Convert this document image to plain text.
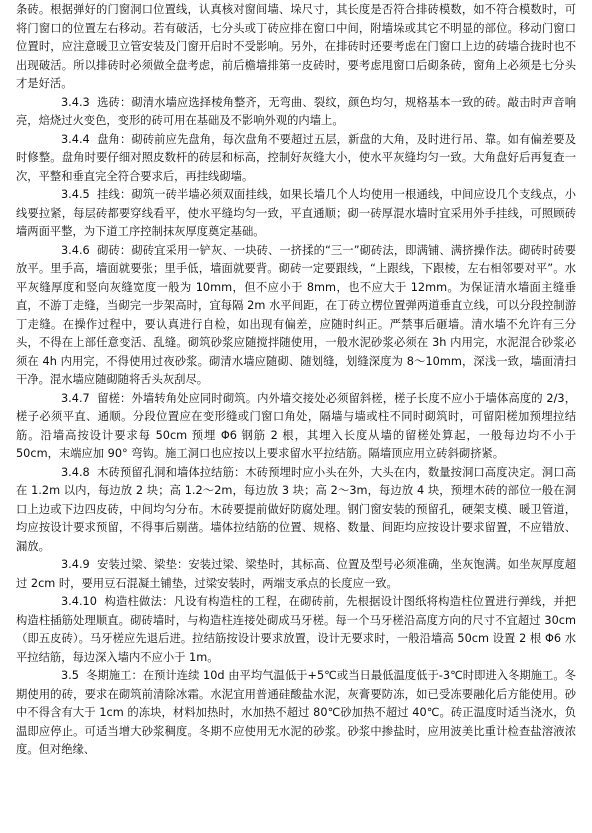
条砖。根据弹好的门窗洞口位置线，认真核对窗间墙、垛尺寸，其长度是否符合排砖模数，如不符合模数时，可将门窗口的位置左右移动。若有破活，七分头或丁砖应排在窗口中间，附墙垛或其它不明显的部位。移动门窗口位置时，应注意暖卫立管安装及门窗开启时不受影响。另外，在排砖时还要考虑在门窗口上边的砖墙合拢时也不出现破活。所以排砖时必须做全盘考虑，前后檐墙排第一皮砖时，要考虑甩窗口后砌条砖，窗角上必须是七分头才是好活。

3.4.3 选砖：砌清水墙应选择棱角整齐，无弯曲、裂纹，颜色均匀，规格基本一致的砖。敲击时声音响亮，焙烧过火变色，变形的砖可用在基础及不影响外观的内墙上。

3.4.4 盘角：砌砖前应先盘角，每次盘角不要超过五层，新盘的大角，及时进行吊、靠。如有偏差要及时修整。盘角时要仔细对照皮数杆的砖层和标高，控制好灰缝大小，使水平灰缝均匀一致。大角盘好后再复查一次，平整和垂直完全符合要求后，再挂线砌墙。

3.4.5 挂线：砌筑一砖半墙必须双面挂线，如果长墙几个人均使用一根通线，中间应设几个支线点，小线要拉紧，每层砖都要穿线看平，使水平缝均匀一致，平直通顺；砌一砖厚混水墙时宜采用外手挂线，可照顾砖墙两面平整，为下道工序控制抹灰厚度奠定基础。

3.4.6 砌砖：砌砖宜采用一铲灰、一块砖、一挤揉的“三一”砌砖法，即满铺、满挤操作法。砌砖时砖要放平。里手高，墙面就要张；里手低，墙面就要背。砌砖一定要跟线，“上跟线，下跟棱，左右相邻要对平”。水平灰缝厚度和竖向灰缝宽度一般为 10mm，但不应小于 8mm，也不应大于 12mm。为保证清水墙面主缝垂直，不游丁走缝，当砌完一步架高时，宜每隔 2m 水平间距，在丁砖立楞位置弹两道垂直立线，可以分段控制游丁走缝。在操作过程中，要认真进行自检，如出现有偏差，应随时纠正。严禁事后砸墙。清水墙不允许有三分头，不得在上部任意变活、乱缝。砌筑砂浆应随搅拌随使用，一般水泥砂浆必须在 3h 内用完，水泥混合砂浆必须在 4h 内用完，不得使用过夜砂浆。砌清水墙应随砌、随划缝，划缝深度为 8～10mm，深浅一致，墙面清扫干净。混水墙应随砌随将舌头灰刮尽。

3.4.7 留槎：外墙转角处应同时砌筑。内外墙交接处必须留斜槎，槎子长度不应小于墙体高度的 2/3，槎子必须平直、通顺。分段位置应在变形缝或门窗口角处，隔墙与墙或柱不同时砌筑时，可留阳槎加预埋拉结筋。沿墙高按设计要求每 50cm 预埋 Φ6 钢筋 2 根，其埋入长度从墙的留槎处算起，一般每边均不小于 50cm，末端应加 90° 弯钩。施工洞口也应按以上要求留水平拉结筋。隔墙顶应用立砖斜砌挤紧。

3.4.8 木砖预留孔洞和墙体拉结筋：木砖预埋时应小头在外，大头在内，数量按洞口高度决定。洞口高在 1.2m 以内，每边放 2 块；高 1.2～2m，每边放 3 块；高 2～3m，每边放 4 块，预埋木砖的部位一般在洞口上边或下边四皮砖，中间均匀分布。木砖要提前做好防腐处理。钢门窗安装的预留孔，硬架支模、暖卫管道，均应按设计要求预留，不得事后剔凿。墙体拉结筋的位置、规格、数量、间距均应按设计要求留置，不应错放、漏放。

3.4.9 安装过梁、梁垫：安装过梁、梁垫时，其标高、位置及型号必须准确，坐灰饱满。如坐灰厚度超过 2cm 时，要用豆石混凝土铺垫，过梁安装时，两端支承点的长度应一致。

3.4.10 构造柱做法：凡设有构造柱的工程，在砌砖前，先根据设计图纸将构造柱位置进行弹线，并把构造柱插筋处理顺直。砌砖墙时，与构造柱连接处砌成马牙槎。每一个马牙槎沿高度方向的尺寸不宜超过 30cm（即五皮砖）。马牙槎应先退后进。拉结筋按设计要求放置，设计无要求时，一般沿墙高 50cm 设置 2 根 Φ6 水平拉结筋，每边深入墙内不应小于 1m。

3.5 冬期施工：在预计连续 10d 由平均气温低于+5℃或当日最低温度低于-3℃时即进入冬期施工。冬期使用的砖，要求在砌筑前清除冰霜。水泥宜用普通硅酸盐水泥，灰膏要防冻，如已受冻要融化后方能使用。砂中不得含有大于 1cm 的冻块，材料加热时，水加热不超过 80℃砂加热不超过 40℃。砖正温度时适当浇水，负温即应停止。可适当增大砂浆稠度。冬期不应使用无水泥的砂浆。砂浆中掺盐时，应用波美比重计检查盐溶液浓度。但对绝缘、
